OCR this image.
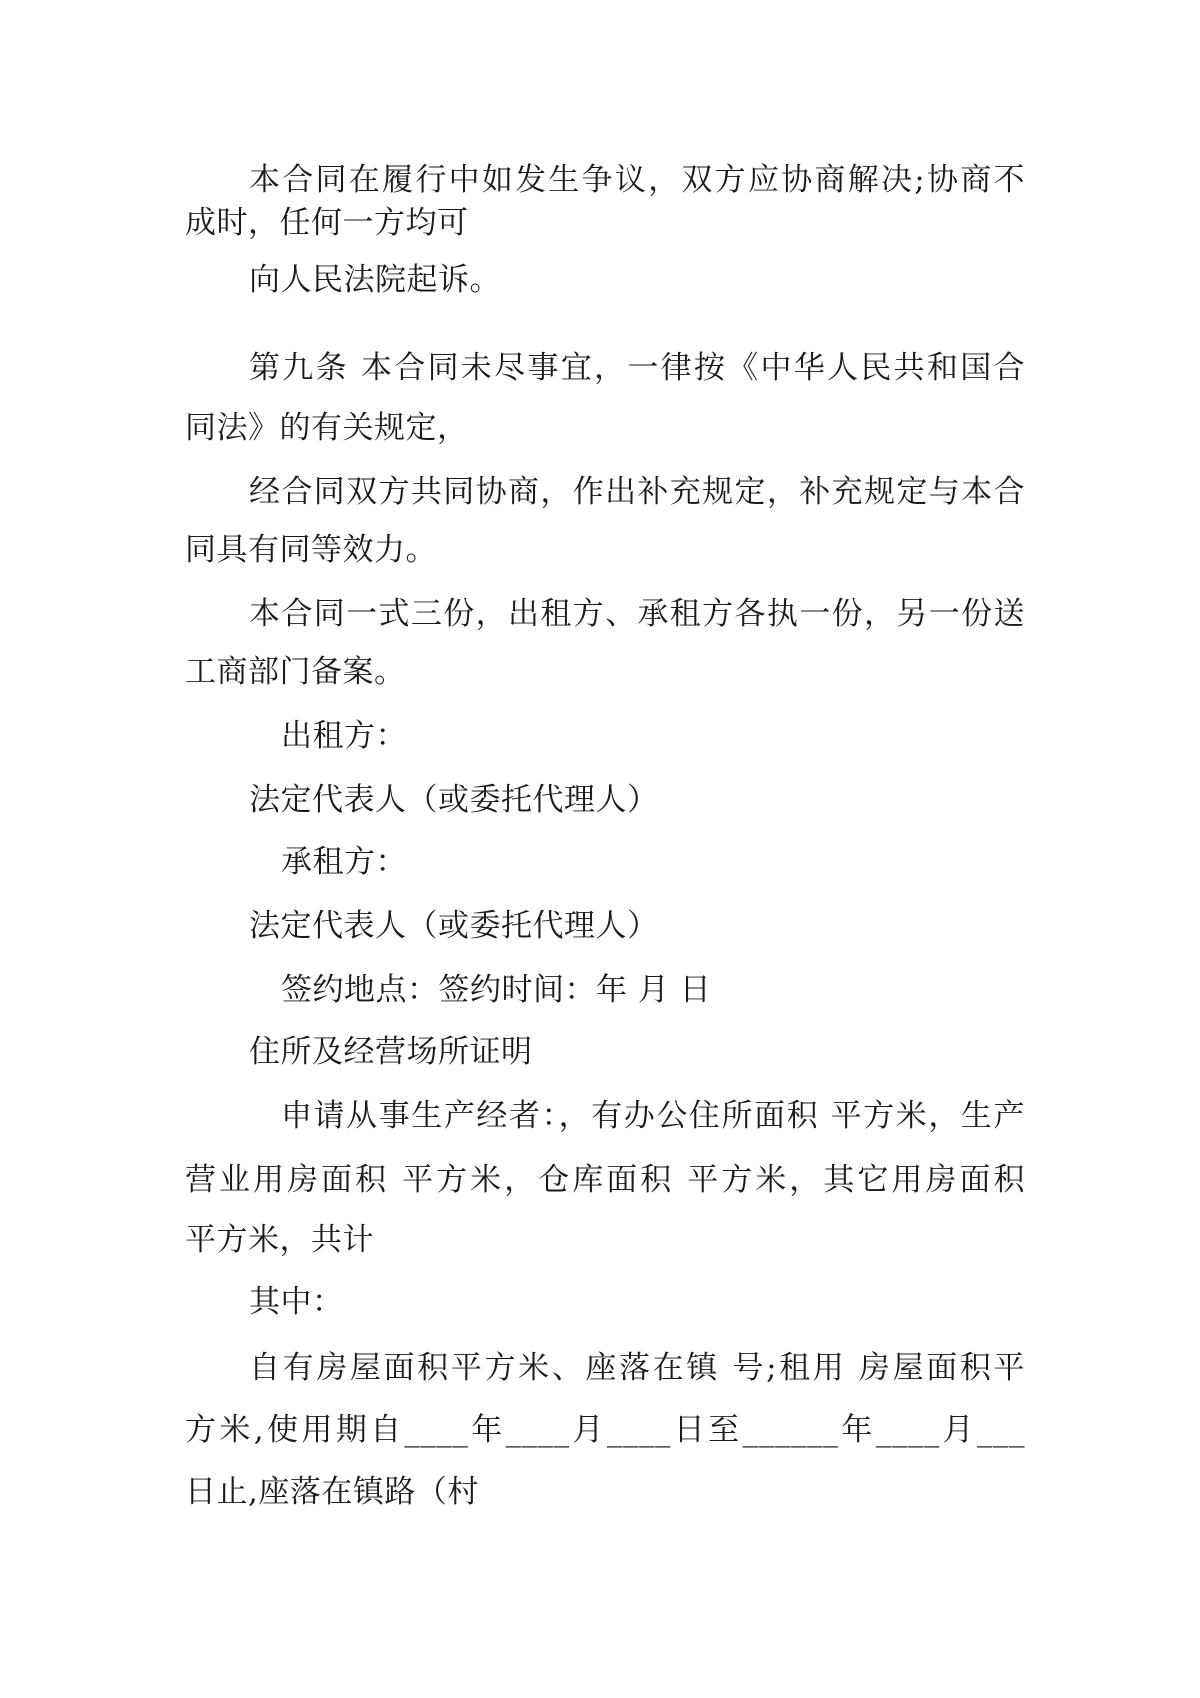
本合同在履行中如发生争议，双方应协商解决;协商不
成时，任何一方均可
向人民法院起诉。
第九条 本合同未尽事宜，一律按《中华人民共和国合
同法》的有关规定，
经合同双方共同协商，作出补充规定，补充规定与本合
同具有同等效力。
本合同一式三份，出租方、承租方各执一份，另一份送
工商部门备案。
出租方：
法定代表人（或委托代理人）
承租方：
法定代表人（或委托代理人）
签约地点：签约时间：年 月 日
住所及经营场所证明
申请从事生产经者：，有办公住所面积 平方米，生产
营业用房面积 平方米，仓库面积 平方米，其它用房面积
平方米，共计
其中：
自有房屋面积平方米、座落在镇 号;租用 房屋面积平
方米,使用期自____年____月____日至______年____月___
日止,座落在镇路（村
